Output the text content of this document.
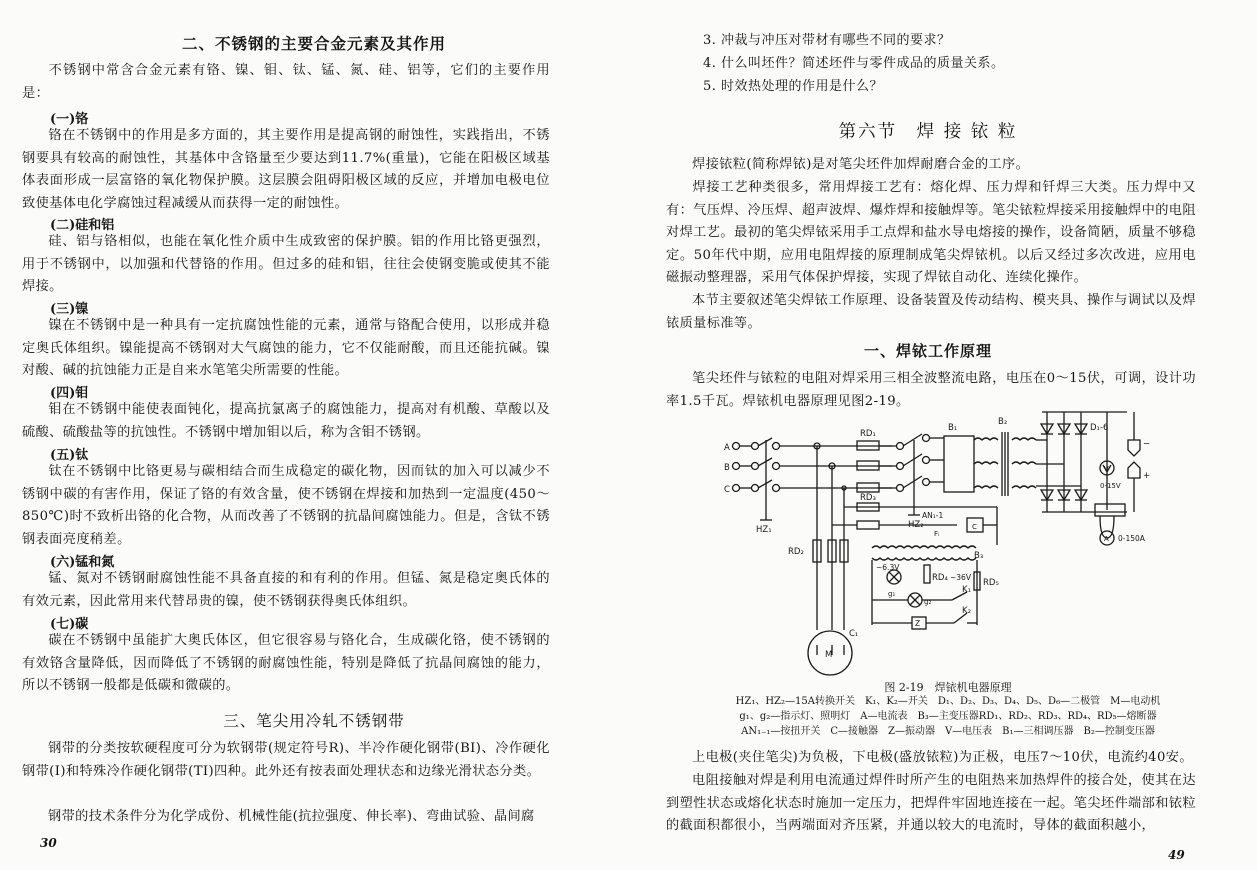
二、不锈钢的主要合金元素及其作用
不锈钢中常含合金元素有铬、镍、钼、钛、锰、氮、硅、铝等，它们的主要作用是：
(一)铬
铬在不锈钢中的作用是多方面的，其主要作用是提高钢的耐蚀性，实践指出，不锈钢要具有较高的耐蚀性，其基体中含铬量至少要达到11.7%(重量)，它能在阳极区域基体表面形成一层富铬的氧化物保护膜。这层膜会阻碍阳极区域的反应，并增加电极电位致使基体电化学腐蚀过程减缓从而获得一定的耐蚀性。
(二)硅和铝
硅、铝与铬相似，也能在氧化性介质中生成致密的保护膜。铝的作用比铬更强烈，用于不锈钢中，以加强和代替铬的作用。但过多的硅和铝，往往会使钢变脆或使其不能焊接。
(三)镍
镍在不锈钢中是一种具有一定抗腐蚀性能的元素，通常与铬配合使用，以形成并稳定奥氏体组织。镍能提高不锈钢对大气腐蚀的能力，它不仅能耐酸，而且还能抗碱。镍对酸、碱的抗蚀能力正是自来水笔笔尖所需要的性能。
(四)钼
钼在不锈钢中能使表面钝化，提高抗氯离子的腐蚀能力，提高对有机酸、草酸以及硫酸、硫酸盐等的抗蚀性。不锈钢中增加钼以后，称为含钼不锈钢。
(五)钛
钛在不锈钢中比铬更易与碳相结合而生成稳定的碳化物，因而钛的加入可以减少不锈钢中碳的有害作用，保证了铬的有效含量，使不锈钢在焊接和加热到一定温度(450～850℃)时不致析出铬的化合物，从而改善了不锈钢的抗晶间腐蚀能力。但是，含钛不锈钢表面亮度稍差。
(六)锰和氮
锰、氮对不锈钢耐腐蚀性能不具备直接的和有利的作用。但锰、氮是稳定奥氏体的有效元素，因此常用来代替昂贵的镍，使不锈钢获得奥氏体组织。
(七)碳
碳在不锈钢中虽能扩大奥氏体区，但它很容易与铬化合，生成碳化铬，使不锈钢的有效铬含量降低，因而降低了不锈钢的耐腐蚀性能，特别是降低了抗晶间腐蚀的能力，所以不锈钢一般都是低碳和微碳的。
三、笔尖用冷轧不锈钢带
钢带的分类按软硬程度可分为软钢带(规定符号R)、半冷作硬化钢带(BI)、冷作硬化钢带(I)和特殊冷作硬化钢带(TI)四种。此外还有按表面处理状态和边缘光滑状态分类。
钢带的技术条件分为化学成份、机械性能(抗拉强度、伸长率)、弯曲试验、晶间腐
30
3. 冲裁与冲压对带材有哪些不同的要求？
4. 什么叫坯件？简述坯件与零件成品的质量关系。
5. 时效热处理的作用是什么？
第六节　焊 接 铱 粒
焊接铱粒(简称焊铱)是对笔尖坯件加焊耐磨合金的工序。
焊接工艺种类很多，常用焊接工艺有：熔化焊、压力焊和钎焊三大类。压力焊中又有：气压焊、冷压焊、超声波焊、爆炸焊和接触焊等。笔尖铱粒焊接采用接触焊中的电阻对焊工艺。最初的笔尖焊铱采用手工点焊和盐水导电熔接的操作，设备简陋，质量不够稳定。50年代中期，应用电阻焊接的原理制成笔尖焊铱机。以后又经过多次改进，应用电磁振动整理器，采用气体保护焊接，实现了焊铱自动化、连续化操作。
本节主要叙述笔尖焊铱工作原理、设备装置及传动结构、模夹具、操作与调试以及焊铱质量标准等。
一、焊铱工作原理
笔尖坯件与铱粒的电阻对焊采用三相全波整流电路，电压在0～15伏，可调，设计功率1.5千瓦。焊铱机电器原理见图2-19。
A
B
C
HZ₁	HZ₂
RD₁
RD₃
RD₂
RD₄	RD₅
B₁
B₂
B₃
D₁-6
V
0-15V
A 0-150A
−
+
AN₁-1
Fᵢ
C
C₁
~6.3V
~36V
g₁
g₂
K₁
K₂
Z
M
图 2-19　焊铱机电器原理
HZ₁、HZ₂—15A转换开关　K₁、K₂—开关　D₁、D₂、D₃、D₄、D₅、D₆—二极管　M—电动机
g₁、g₂—指示灯、照明灯　A—电流表　B₃—主变压器RD₁、RD₂、RD₃、RD₄、RD₅—熔断器
AN₁₋₁—按扭开关　C—接触器　Z—振动器　V—电压表　B₁—三相调压器　B₂—控制变压器
上电极(夹住笔尖)为负极，下电极(盛放铱粒)为正极，电压7～10伏，电流约40安。
电阻接触对焊是利用电流通过焊件时所产生的电阻热来加热焊件的接合处，使其在达到塑性状态或熔化状态时施加一定压力，把焊件牢固地连接在一起。笔尖坯件端部和铱粒的截面积都很小，当两端面对齐压紧，并通以较大的电流时，导体的截面积越小，
49
